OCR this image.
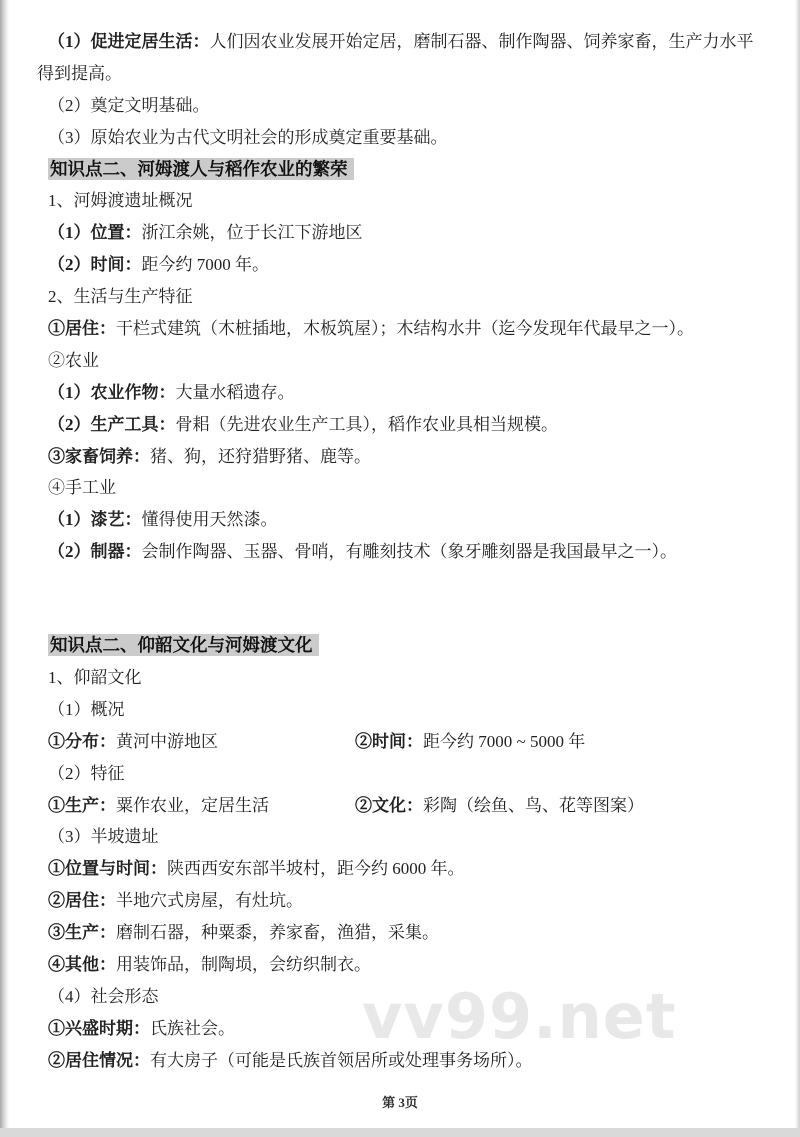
vv99.net
（1）促进定居生活：人们因农业发展开始定居，磨制石器、制作陶器、饲养家畜，生产力水平
得到提高。
（2）奠定文明基础。
（3）原始农业为古代文明社会的形成奠定重要基础。
知识点二、河姆渡人与稻作农业的繁荣
1、河姆渡遗址概况
（1）位置：浙江余姚，位于长江下游地区
（2）时间：距今约 7000 年。
2、生活与生产特征
①居住：干栏式建筑（木桩插地，木板筑屋）；木结构水井（迄今发现年代最早之一）。
②农业
（1）农业作物：大量水稻遗存。
（2）生产工具：骨耜（先进农业生产工具），稻作农业具相当规模。
③家畜饲养：猪、狗，还狩猎野猪、鹿等。
④手工业
（1）漆艺：懂得使用天然漆。
（2）制器：会制作陶器、玉器、骨哨，有雕刻技术（象牙雕刻器是我国最早之一）。
知识点二、仰韶文化与河姆渡文化
1、仰韶文化
（1）概况
①分布：黄河中游地区	②时间：距今约 7000 ~ 5000 年
（2）特征
①生产：粟作农业，定居生活	②文化：彩陶（绘鱼、鸟、花等图案）
（3）半坡遗址
①位置与时间：陕西西安东部半坡村，距今约 6000 年。
②居住：半地穴式房屋，有灶坑。
③生产：磨制石器，种粟黍，养家畜，渔猎，采集。
④其他：用装饰品，制陶埙，会纺织制衣。
（4）社会形态
①兴盛时期：氏族社会。
②居住情况：有大房子（可能是氏族首领居所或处理事务场所）。
第 3页
